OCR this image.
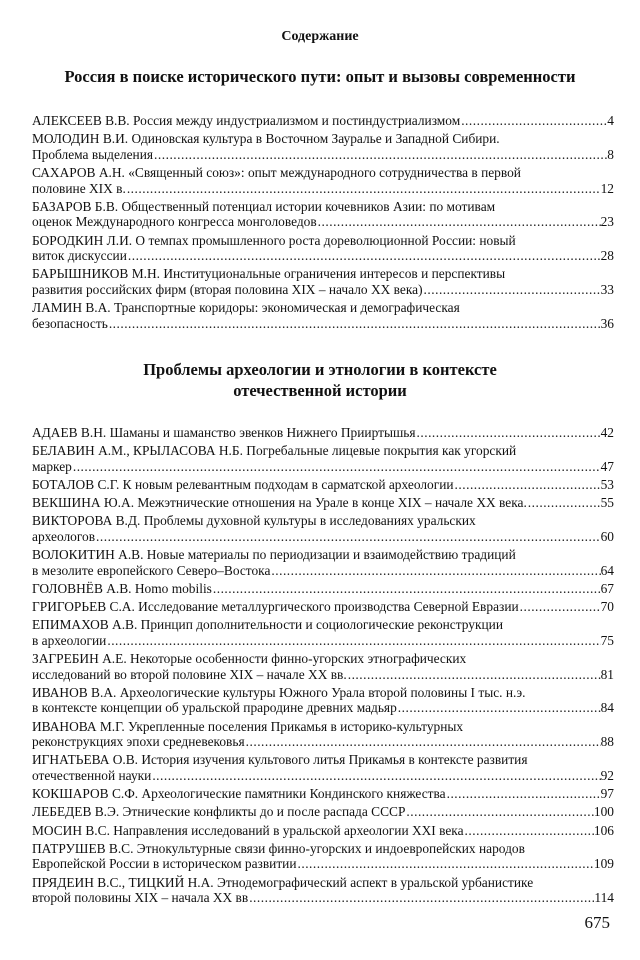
Содержание
Россия в поиске исторического пути: опыт и вызовы современности
АЛЕКСЕЕВ В.В. Россия между индустриализмом и постиндустриализмом .....	4
МОЛОДИН В.И. Одиновская культура в Восточном Зауралье и Западной Сибири.
Проблема выделения .....	8
САХАРОВ А.Н. «Священный союз»: опыт международного сотрудничества в первой
половине XIX в. .....	12
БАЗАРОВ Б.В. Общественный потенциал истории кочевников Азии: по мотивам
оценок Международного конгресса монголоведов .....	23
БОРОДКИН Л.И. О темпах промышленного роста дореволюционной России: новый
виток дискуссии .....	28
БАРЫШНИКОВ М.Н. Институциональные ограничения интересов и перспективы
развития российских фирм (вторая половина XIX – начало XX века) .....	33
ЛАМИН В.А. Транспортные коридоры: экономическая и демографическая
безопасность .....	36
Проблемы археологии и этнологии в контексте
отечественной истории
АДАЕВ В.Н. Шаманы и шаманство эвенков Нижнего Прииртышья .....	42
БЕЛАВИН А.М., КРЫЛАСОВА Н.Б. Погребальные лицевые покрытия как угорский
маркер .....	47
БОТАЛОВ С.Г. К новым релевантным подходам в сарматской археологии .....	53
ВЕКШИНА Ю.А. Межэтнические отношения на Урале в конце XIX – начале XX века. .....	55
ВИКТОРОВА В.Д. Проблемы духовной культуры в исследованиях уральских
археологов .....	60
ВОЛОКИТИН А.В. Новые материалы по периодизации и взаимодействию традиций
в мезолите европейского Северо–Востока .....	64
ГОЛОВНЁВ А.В. Homo mobilis .....	67
ГРИГОРЬЕВ С.А. Исследование металлургического производства Северной Евразии .....	70
ЕПИМАХОВ А.В. Принцип дополнительности и социологические реконструкции
в археологии .....	75
ЗАГРЕБИН А.Е. Некоторые особенности финно-угорских этнографических
исследований во второй половине XIX – начале XX вв. .....	81
ИВАНОВ В.А. Археологические культуры Южного Урала второй половины I тыс. н.э.
в контексте концепции об уральской прародине древних мадьяр .....	84
ИВАНОВА М.Г. Укрепленные поселения Прикамья в историко-культурных
реконструкциях эпохи средневековья .....	88
ИГНАТЬЕВА О.В. История изучения культового литья Прикамья в контексте развития
отечественной науки .....	92
КОКШАРОВ С.Ф. Археологические памятники Кондинского княжества .....	97
ЛЕБЕДЕВ В.Э. Этнические конфликты до и после распада СССР .....	100
МОСИН В.С. Направления исследований в уральской археологии XXI века .....	106
ПАТРУШЕВ В.С. Этнокультурные связи финно-угорских и индоевропейских народов
Европейской России в историческом развитии .....	109
ПРЯДЕИН В.С., ТИЦКИЙ Н.А. Этнодемографический аспект в уральской урбанистике
второй половины XIX – начала XX вв .....	114
675
